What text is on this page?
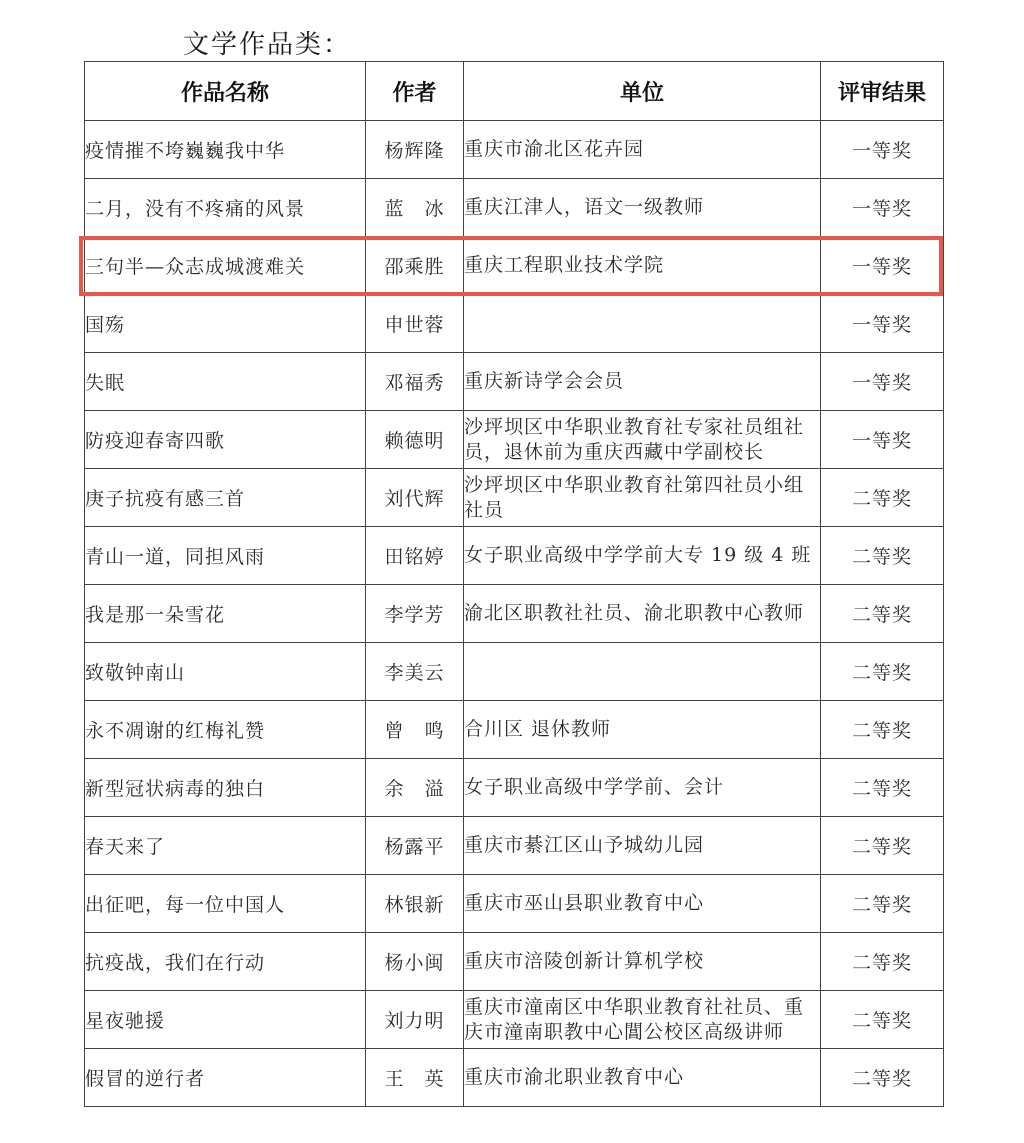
文学作品类：
作品名称	作者	单位	评审结果
疫情摧不垮巍巍我中华	杨辉隆	重庆市渝北区花卉园	一等奖
二月，没有不疼痛的风景	蓝　冰	重庆江津人，语文一级教师	一等奖
三句半—众志成城渡难关	邵乘胜	重庆工程职业技术学院	一等奖
国殇	申世蓉		一等奖
失眠	邓福秀	重庆新诗学会会员	一等奖
防疫迎春寄四歌	赖德明	沙坪坝区中华职业教育社专家社员组社员，退休前为重庆西藏中学副校长	一等奖
庚子抗疫有感三首	刘代辉	沙坪坝区中华职业教育社第四社员小组社员	二等奖
青山一道，同担风雨	田铭婷	女子职业高级中学学前大专 19 级 4 班	二等奖
我是那一朵雪花	李学芳	渝北区职教社社员、渝北职教中心教师	二等奖
致敬钟南山	李美云		二等奖
永不凋谢的红梅礼赞	曾　鸣	合川区 退休教师	二等奖
新型冠状病毒的独白	余　溢	女子职业高级中学学前、会计	二等奖
春天来了	杨露平	重庆市綦江区山予城幼儿园	二等奖
出征吧，每一位中国人	林银新	重庆市巫山县职业教育中心	二等奖
抗疫战，我们在行动	杨小闽	重庆市涪陵创新计算机学校	二等奖
星夜驰援	刘力明	重庆市潼南区中华职业教育社社员、重庆市潼南职教中心閶公校区高级讲师	二等奖
假冒的逆行者	王　英	重庆市渝北职业教育中心	二等奖
